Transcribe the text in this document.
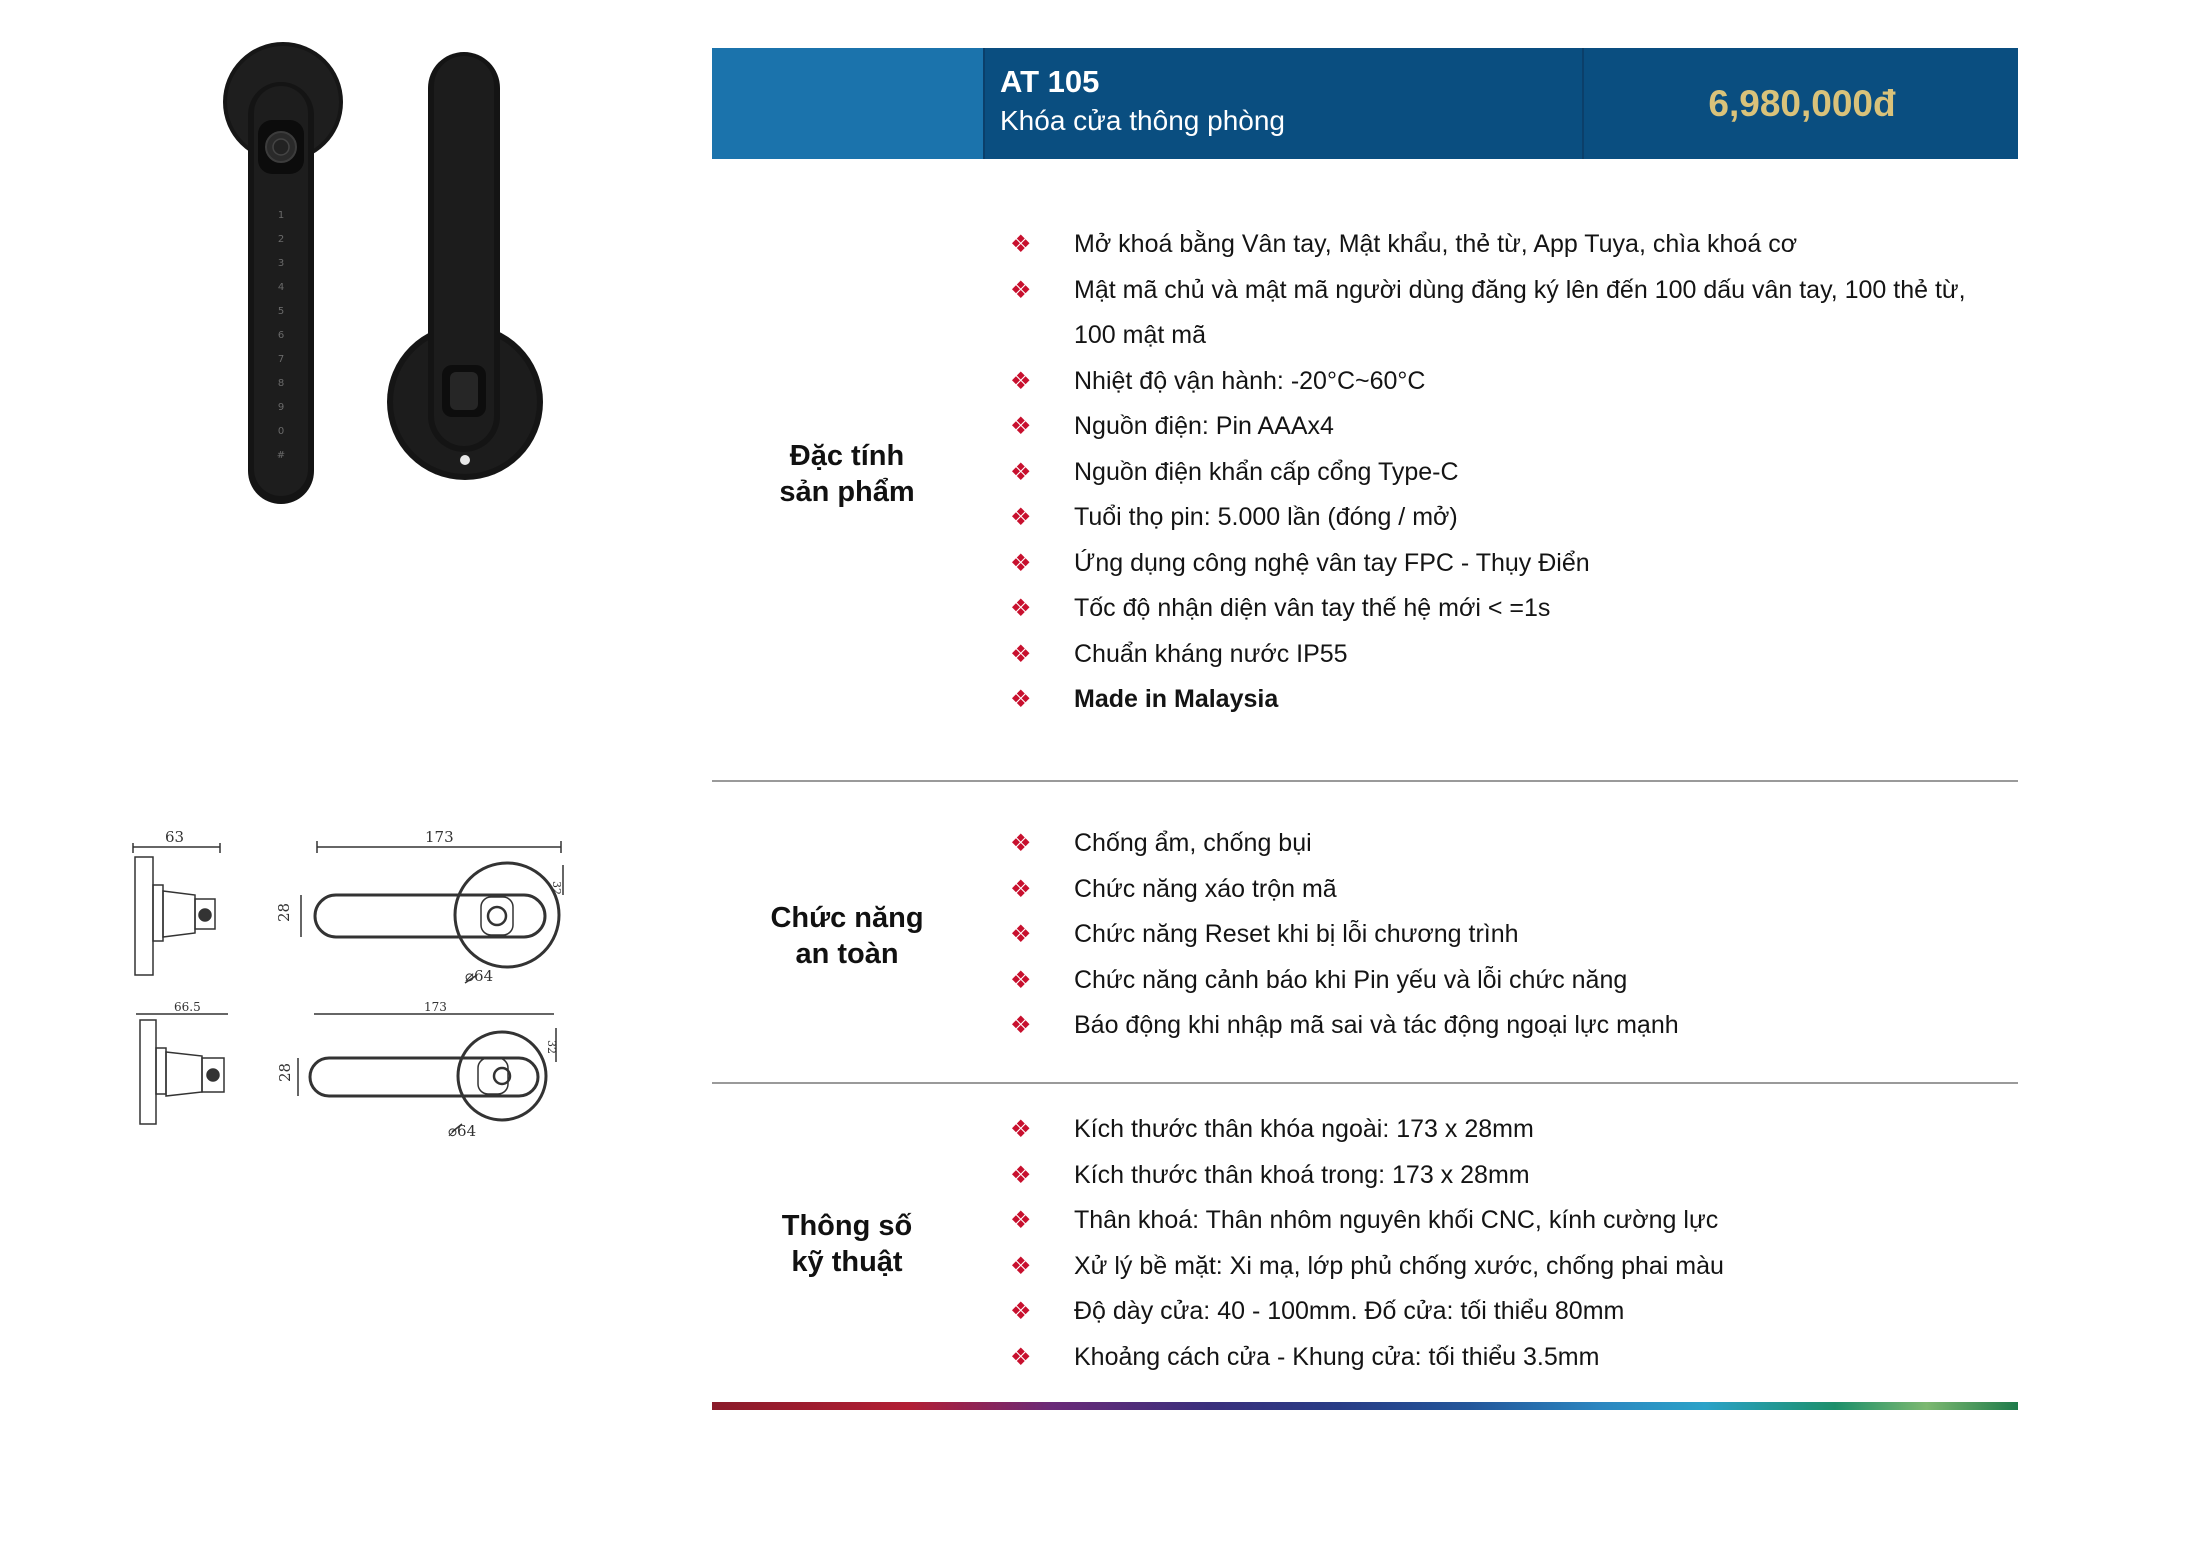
1
2
3
4
5
6
7
8
9
0
#
63	173
28
32
⌀64
66.5	173
28
32
⌀64
AT 105
Khóa cửa thông phòng	6,980,000đ
Đặc tính
sản phẩm
❖ Mở khoá bằng Vân tay, Mật khẩu, thẻ từ, App Tuya, chìa khoá cơ
❖ Mật mã chủ và mật mã người dùng đăng ký lên đến 100 dấu vân tay, 100 thẻ từ, 100 mật mã
❖ Nhiệt độ vận hành: -20°C~60°C
❖ Nguồn điện: Pin AAAx4
❖ Nguồn điện khẩn cấp cổng Type-C
❖ Tuổi thọ pin: 5.000 lần (đóng / mở)
❖ Ứng dụng công nghệ vân tay FPC - Thụy Điển
❖ Tốc độ nhận diện vân tay thế hệ mới < =1s
❖ Chuẩn kháng nước IP55
❖ Made in Malaysia
Chức năng
an toàn
❖ Chống ẩm, chống bụi
❖ Chức năng xáo trộn mã
❖ Chức năng Reset khi bị lỗi chương trình
❖ Chức năng cảnh báo khi Pin yếu và lỗi chức năng
❖ Báo động khi nhập mã sai và tác động ngoại lực mạnh
Thông số
kỹ thuật
❖ Kích thước thân khóa ngoài: 173 x 28mm
❖ Kích thước thân khoá trong: 173 x 28mm
❖ Thân khoá: Thân nhôm nguyên khối CNC, kính cường lực
❖ Xử lý bề mặt: Xi mạ, lớp phủ chống xước, chống phai màu
❖ Độ dày cửa: 40 - 100mm. Đố cửa: tối thiểu 80mm
❖ Khoảng cách cửa - Khung cửa: tối thiểu 3.5mm
